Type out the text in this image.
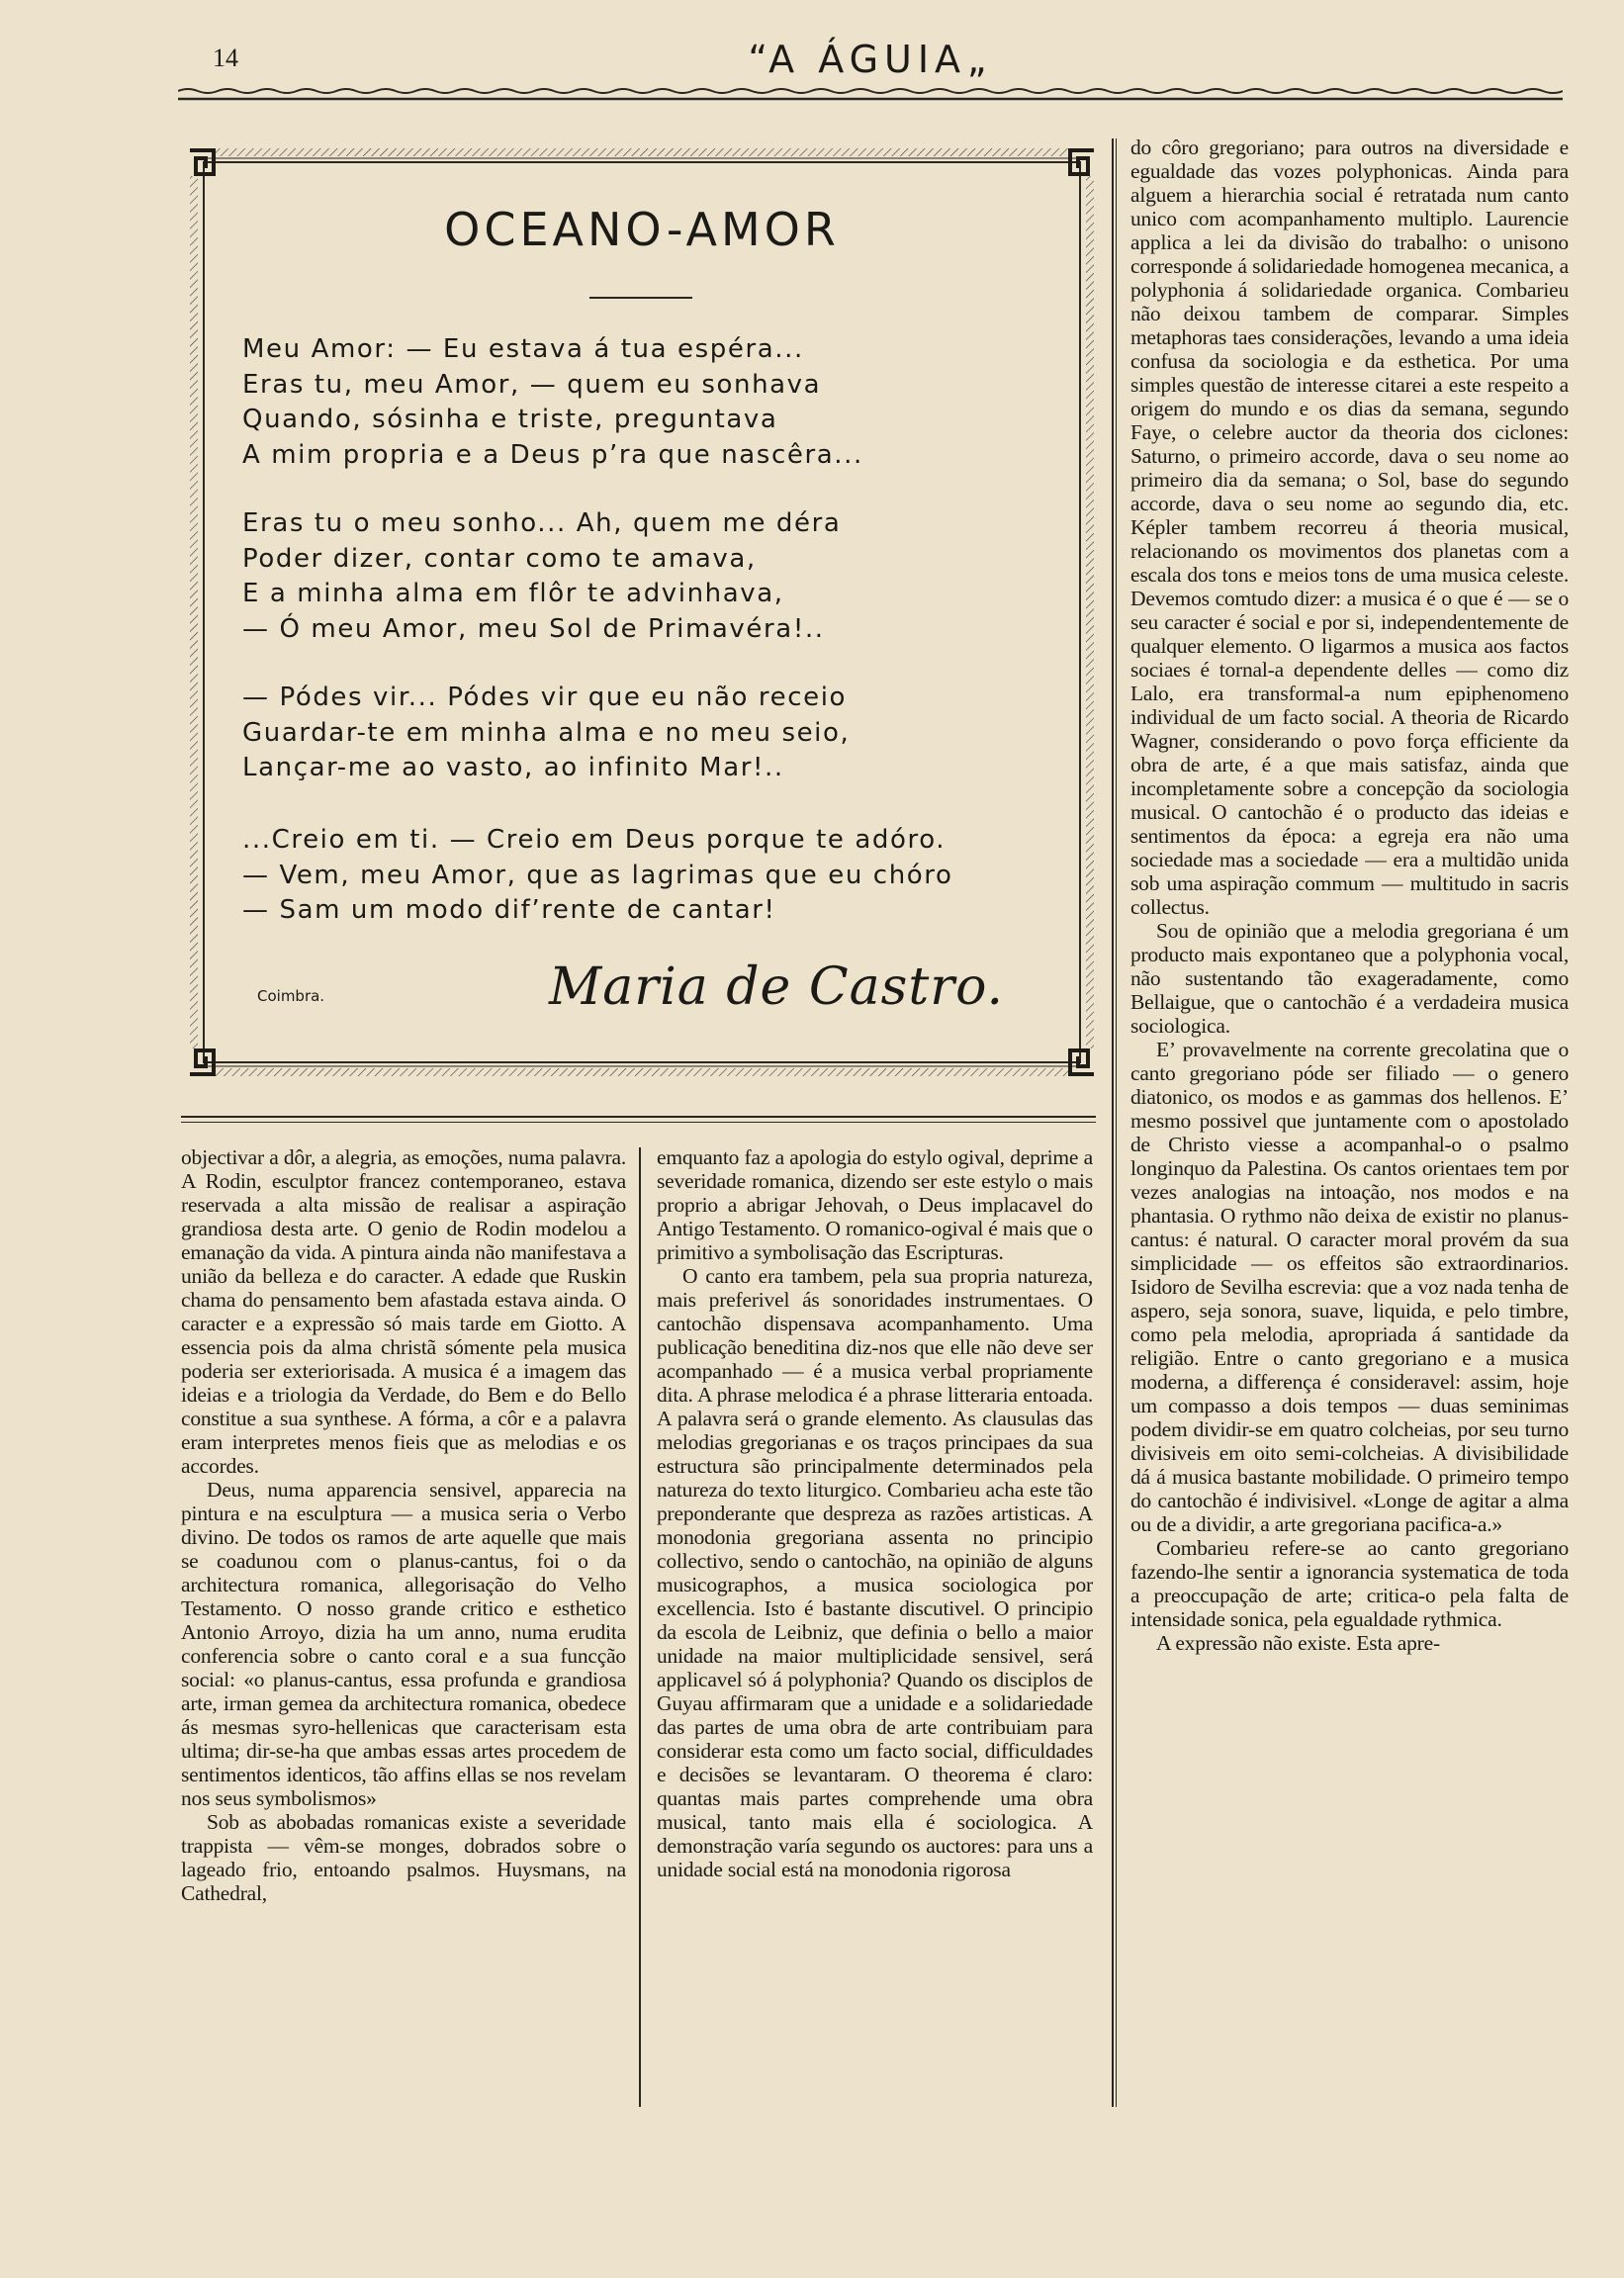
14	“A ÁGUIA„
OCEANO-AMOR
Meu Amor: — Eu estava á tua espéra...
Eras tu, meu Amor, — quem eu sonhava
Quando, sósinha e triste, preguntava
A mim propria e a Deus p’ra que nascêra...
Eras tu o meu sonho... Ah, quem me déra
Poder dizer, contar como te amava,
E a minha alma em flôr te advinhava,
— Ó meu Amor, meu Sol de Primavéra!..
— Pódes vir... Pódes vir que eu não receio
Guardar-te em minha alma e no meu seio,
Lançar-me ao vasto, ao infinito Mar!..
...Creio em ti. — Creio em Deus porque te adóro.
— Vem, meu Amor, que as lagrimas que eu chóro
— Sam um modo dif’rente de cantar!
Coimbra.	Maria de Castro.

objectivar a dôr, a alegria, as emoções, numa palavra. A Rodin, esculptor francez contemporaneo, estava reservada a alta missão de realisar a aspiração grandiosa desta arte. O genio de Rodin modelou a emanação da vida. A pintura ainda não manifestava a união da belleza e do caracter. A edade que Ruskin chama do pensamento bem afastada estava ainda. O caracter e a expressão só mais tarde em Giotto. A essencia pois da alma christã sómente pela musica poderia ser exteriorisada. A musica é a imagem das ideias e a triologia da Verdade, do Bem e do Bello constitue a sua synthese. A fórma, a côr e a palavra eram interpretes menos fieis que as melodias e os accordes.

Deus, numa apparencia sensivel, apparecia na pintura e na esculptura — a musica seria o Verbo divino. De todos os ramos de arte aquelle que mais se coadunou com o planus-cantus, foi o da architectura romanica, allegorisação do Velho Testamento. O nosso grande critico e esthetico Antonio Arroyo, dizia ha um anno, numa erudita conferencia sobre o canto coral e a sua funcção social: «o planus-cantus, essa profunda e grandiosa arte, irman gemea da architectura romanica, obedece ás mesmas syro-hellenicas que caracterisam esta ultima; dir-se-ha que ambas essas artes procedem de sentimentos identicos, tão affins ellas se nos revelam nos seus symbolismos»

Sob as abobadas romanicas existe a severidade trappista — vêm-se monges, dobrados sobre o lageado frio, entoando psalmos. Huysmans, na Cathedral,

emquanto faz a apologia do estylo ogival, deprime a severidade romanica, dizendo ser este estylo o mais proprio a abrigar Jehovah, o Deus implacavel do Antigo Testamento. O romanico-ogival é mais que o primitivo a symbolisação das Escripturas.

O canto era tambem, pela sua propria natureza, mais preferivel ás sonoridades instrumentaes. O cantochão dispensava acompanhamento. Uma publicação beneditina diz-nos que elle não deve ser acompanhado — é a musica verbal propriamente dita. A phrase melodica é a phrase litteraria entoada. A palavra será o grande elemento. As clausulas das melodias gregorianas e os traços principaes da sua estructura são principalmente determinados pela natureza do texto liturgico. Combarieu acha este tão preponderante que despreza as razões artisticas. A monodonia gregoriana assenta no principio collectivo, sendo o cantochão, na opinião de alguns musicographos, a musica sociologica por excellencia. Isto é bastante discutivel. O principio da escola de Leibniz, que definia o bello a maior unidade na maior multiplicidade sensivel, será applicavel só á polyphonia? Quando os disciplos de Guyau affirmaram que a unidade e a solidariedade das partes de uma obra de arte contribuiam para considerar esta como um facto social, difficuldades e decisões se levantaram. O theorema é claro: quantas mais partes comprehende uma obra musical, tanto mais ella é sociologica. A demonstração varía segundo os auctores: para uns a unidade social está na monodonia rigorosa

do côro gregoriano; para outros na diversidade e egualdade das vozes polyphonicas. Ainda para alguem a hierarchia social é retratada num canto unico com acompanhamento multiplo. Laurencie applica a lei da divisão do trabalho: o unisono corresponde á solidariedade homogenea mecanica, a polyphonia á solidariedade organica. Combarieu não deixou tambem de comparar. Simples metaphoras taes considerações, levando a uma ideia confusa da sociologia e da esthetica. Por uma simples questão de interesse citarei a este respeito a origem do mundo e os dias da semana, segundo Faye, o celebre auctor da theoria dos ciclones: Saturno, o primeiro accorde, dava o seu nome ao primeiro dia da semana; o Sol, base do segundo accorde, dava o seu nome ao segundo dia, etc. Képler tambem recorreu á theoria musical, relacionando os movimentos dos planetas com a escala dos tons e meios tons de uma musica celeste. Devemos comtudo dizer: a musica é o que é — se o seu caracter é social e por si, independentemente de qualquer elemento. O ligarmos a musica aos factos sociaes é tornal-a dependente delles — como diz Lalo, era transformal-a num epiphenomeno individual de um facto social. A theoria de Ricardo Wagner, considerando o povo força efficiente da obra de arte, é a que mais satisfaz, ainda que incompletamente sobre a concepção da sociologia musical. O cantochão é o producto das ideias e sentimentos da época: a egreja era não uma sociedade mas a sociedade — era a multidão unida sob uma aspiração commum — multitudo in sacris collectus.

Sou de opinião que a melodia gregoriana é um producto mais expontaneo que a polyphonia vocal, não sustentando tão exageradamente, como Bellaigue, que o cantochão é a verdadeira musica sociologica.

E’ provavelmente na corrente grecolatina que o canto gregoriano póde ser filiado — o genero diatonico, os modos e as gammas dos hellenos. E’ mesmo possivel que juntamente com o apostolado de Christo viesse a acompanhal-o o psalmo longinquo da Palestina. Os cantos orientaes tem por vezes analogias na intoação, nos modos e na phantasia. O rythmo não deixa de existir no planus-cantus: é natural. O caracter moral provém da sua simplicidade — os effeitos são extraordinarios. Isidoro de Sevilha escrevia: que a voz nada tenha de aspero, seja sonora, suave, liquida, e pelo timbre, como pela melodia, apropriada á santidade da religião. Entre o canto gregoriano e a musica moderna, a differença é consideravel: assim, hoje um compasso a dois tempos — duas seminimas podem dividir-se em quatro colcheias, por seu turno divisiveis em oito semi-colcheias. A divisibilidade dá á musica bastante mobilidade. O primeiro tempo do cantochão é indivisivel. «Longe de agitar a alma ou de a dividir, a arte gregoriana pacifica-a.»

Combarieu refere-se ao canto gregoriano fazendo-lhe sentir a ignorancia systematica de toda a preoccupação de arte; critica-o pela falta de intensidade sonica, pela egualdade rythmica.

A expressão não existe. Esta apre-
